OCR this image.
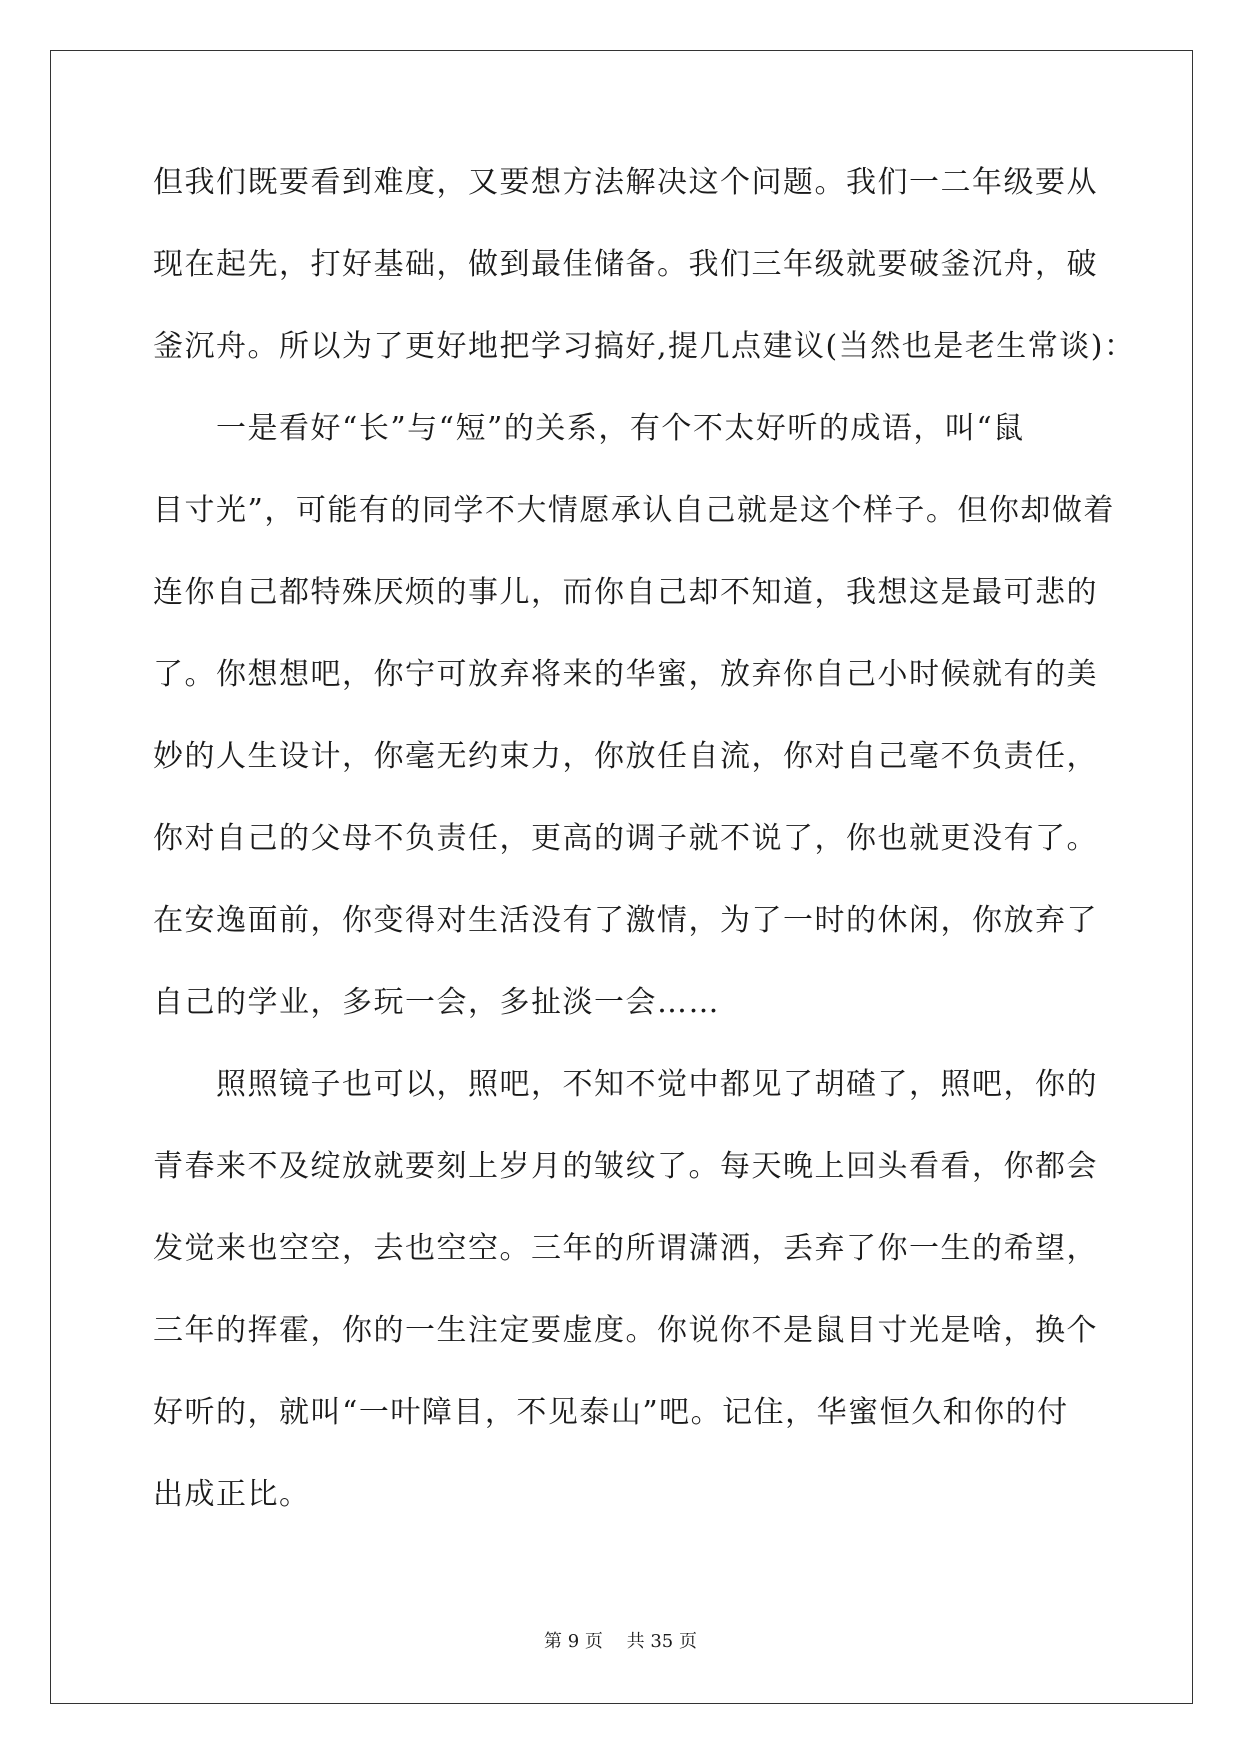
但我们既要看到难度，又要想方法解决这个问题。我们一二年级要从
现在起先，打好基础，做到最佳储备。我们三年级就要破釜沉舟，破
釜沉舟。所以为了更好地把学习搞好,提几点建议(当然也是老生常谈)：
　　一是看好“长”与“短”的关系，有个不太好听的成语，叫“鼠
目寸光”，可能有的同学不大情愿承认自己就是这个样子。但你却做着
连你自己都特殊厌烦的事儿，而你自己却不知道，我想这是最可悲的
了。你想想吧，你宁可放弃将来的华蜜，放弃你自己小时候就有的美
妙的人生设计，你毫无约束力，你放任自流，你对自己毫不负责任，
你对自己的父母不负责任，更高的调子就不说了，你也就更没有了。
在安逸面前，你变得对生活没有了激情，为了一时的休闲，你放弃了
自己的学业，多玩一会，多扯淡一会……
　　照照镜子也可以，照吧，不知不觉中都见了胡碴了，照吧，你的
青春来不及绽放就要刻上岁月的皱纹了。每天晚上回头看看，你都会
发觉来也空空，去也空空。三年的所谓潇洒，丢弃了你一生的希望，
三年的挥霍，你的一生注定要虚度。你说你不是鼠目寸光是啥，换个
好听的，就叫“一叶障目，不见泰山”吧。记住，华蜜恒久和你的付
出成正比。
第 9 页　 共 35 页
